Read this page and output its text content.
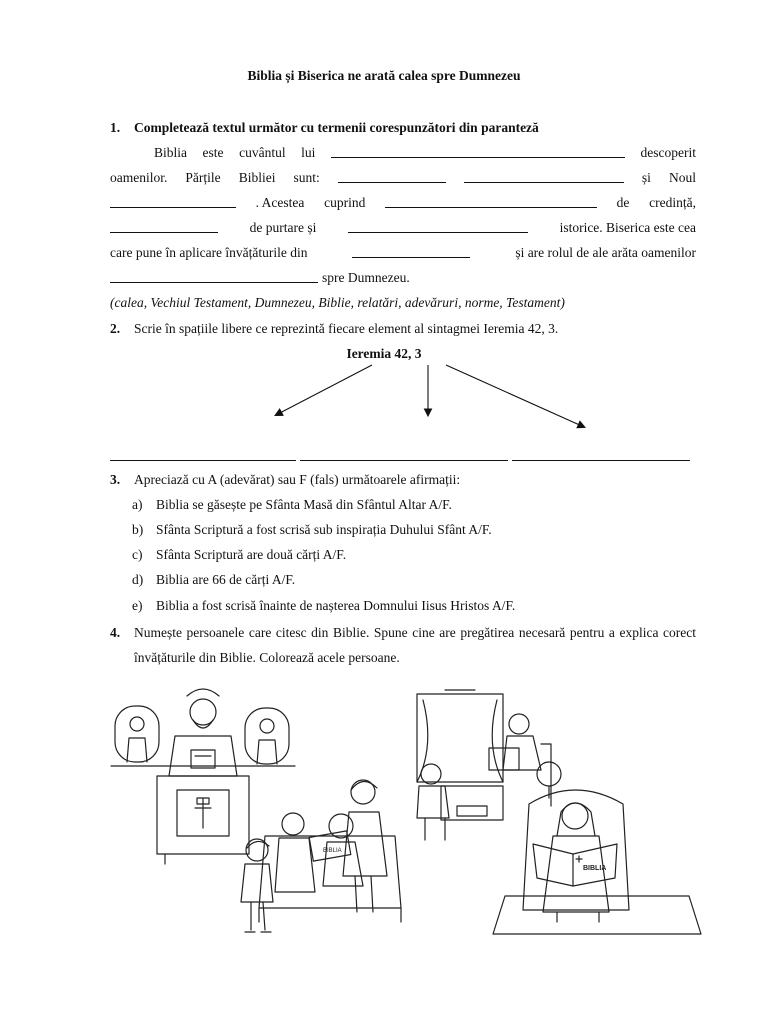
Biblia și Biserica ne arată calea spre Dumnezeu
1. Completează textul următor cu termenii corespunzători din paranteză
Biblia este cuvântul lui	descoperit
oamenilor. Părțile Bibliei sunt:	și Noul
. Acestea cuprind	de credință,
de purtare și	istorice. Biserica este cea
care pune în aplicare învățăturile din	și are rolul de ale arăta oamenilor
spre Dumnezeu.
(calea, Vechiul Testament, Dumnezeu, Biblie, relatări, adevăruri, norme, Testament)
2. Scrie în spațiile libere ce reprezintă fiecare element al sintagmei Ieremia 42, 3.
Ieremia 42, 3
3. Apreciază cu A (adevărat) sau F (fals) următoarele afirmații:
a) Biblia se găsește pe Sfânta Masă din Sfântul Altar A/F.
b) Sfânta Scriptură a fost scrisă sub inspirația Duhului Sfânt A/F.
c) Sfânta Scriptură are două cărți A/F.
d) Biblia are 66 de cărți A/F.
e) Biblia a fost scrisă înainte de nașterea Domnului Iisus Hristos A/F.
4.	Numește persoanele care citesc din Biblie. Spune cine are pregătirea necesară pentru a explica corect învățăturile din Biblie. Colorează acele persoane.
BIBLIA
BIBLIA
